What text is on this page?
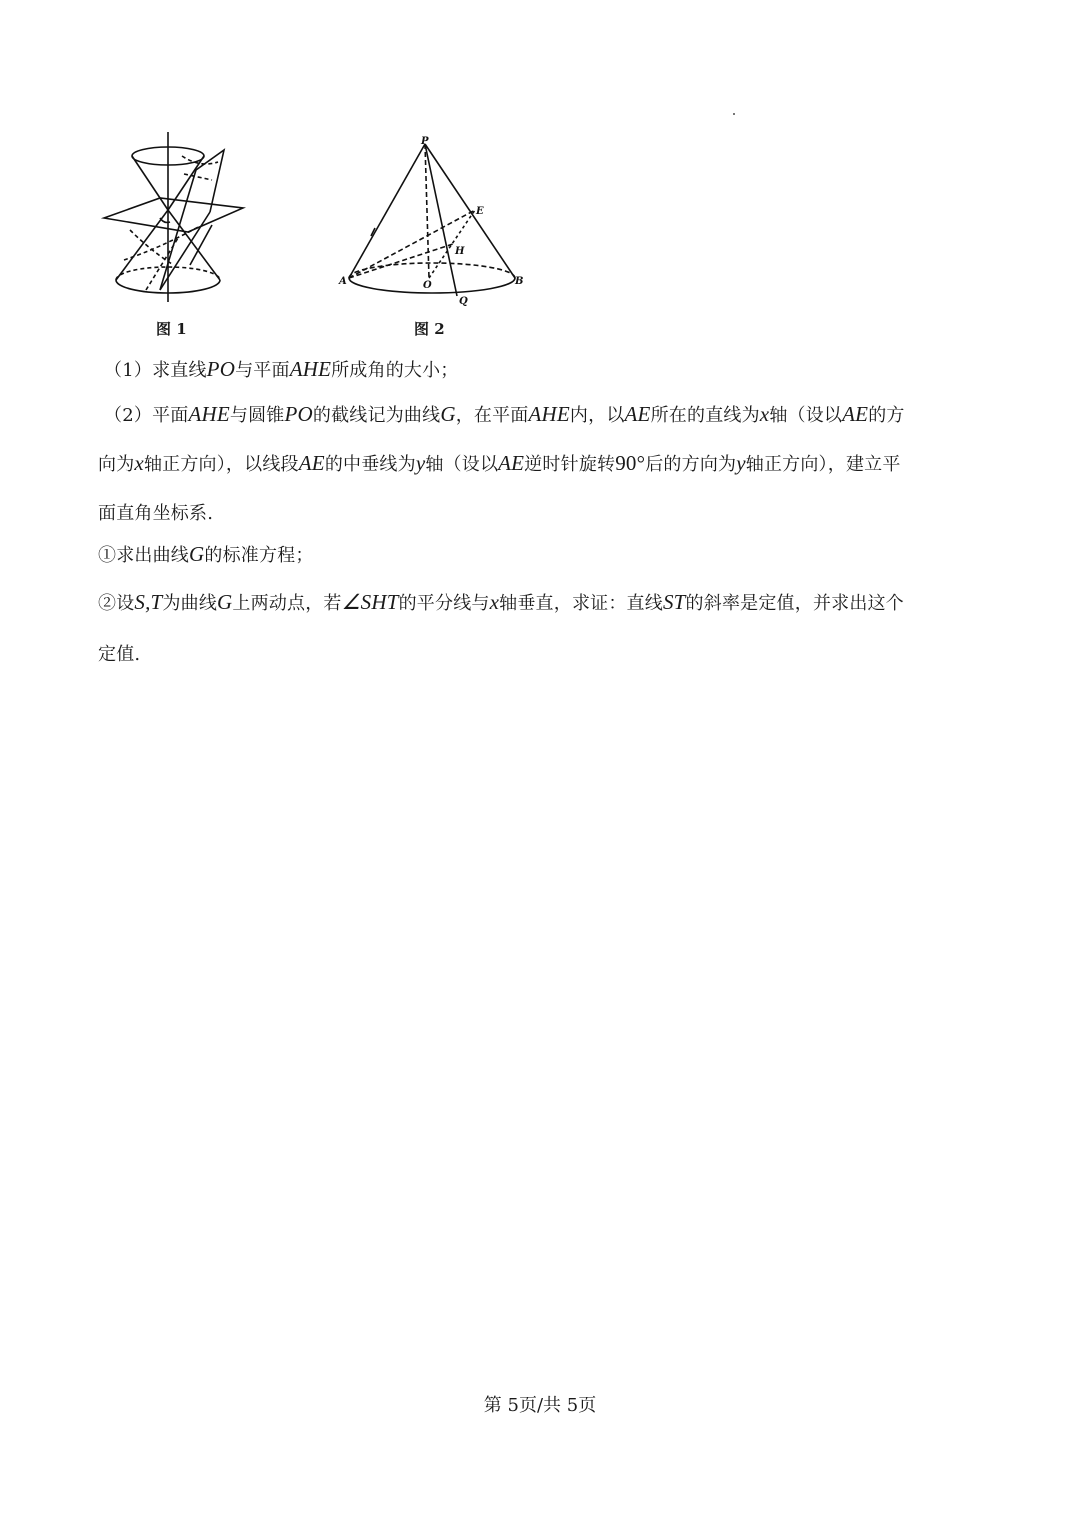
图 1
P
E
H
A	O
Q
B
图 2
（1）求直线PO与平面AHE所成角的大小；
（2）平面AHE与圆锥PO的截线记为曲线G，在平面AHE内，以AE所在的直线为x轴（设以AE的方
向为x轴正方向），以线段AE的中垂线为y轴（设以AE逆时针旋转90°后的方向为y轴正方向），建立平
面直角坐标系.
①求出曲线G的标准方程；
②设S,T为曲线G上两动点，若∠SHT的平分线与x轴垂直，求证：直线ST的斜率是定值，并求出这个
定值.
第 5页/共 5页
